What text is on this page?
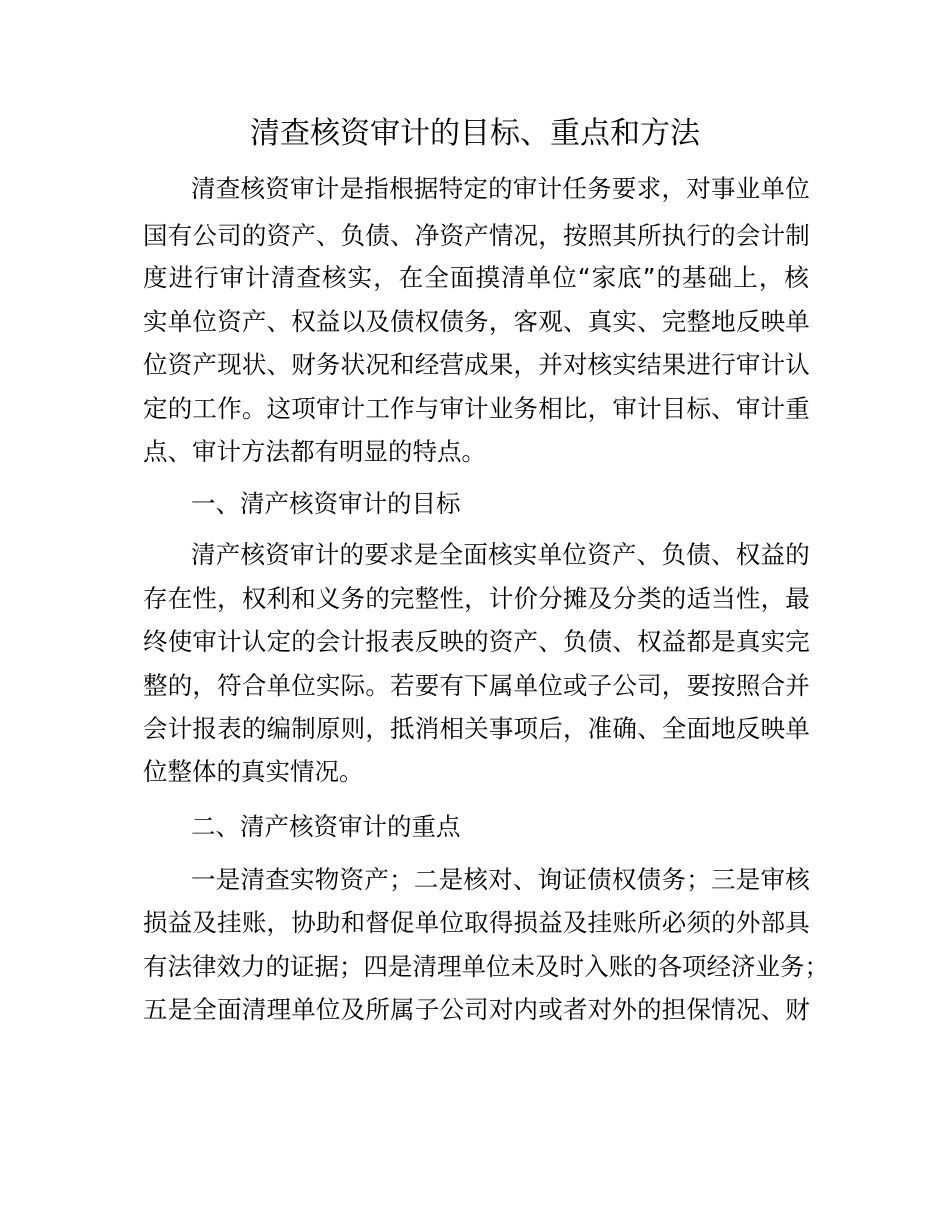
清查核资审计的目标、重点和方法
清查核资审计是指根据特定的审计任务要求，对事业单位
国有公司的资产、负债、净资产情况，按照其所执行的会计制
度进行审计清查核实，在全面摸清单位“家底”的基础上，核
实单位资产、权益以及债权债务，客观、真实、完整地反映单
位资产现状、财务状况和经营成果，并对核实结果进行审计认
定的工作。这项审计工作与审计业务相比，审计目标、审计重
点、审计方法都有明显的特点。
一、清产核资审计的目标
清产核资审计的要求是全面核实单位资产、负债、权益的
存在性，权利和义务的完整性，计价分摊及分类的适当性，最
终使审计认定的会计报表反映的资产、负债、权益都是真实完
整的，符合单位实际。若要有下属单位或子公司，要按照合并
会计报表的编制原则，抵消相关事项后，准确、全面地反映单
位整体的真实情况。
二、清产核资审计的重点
一是清查实物资产；二是核对、询证债权债务；三是审核
损益及挂账，协助和督促单位取得损益及挂账所必须的外部具
有法律效力的证据；四是清理单位未及时入账的各项经济业务；
五是全面清理单位及所属子公司对内或者对外的担保情况、财
